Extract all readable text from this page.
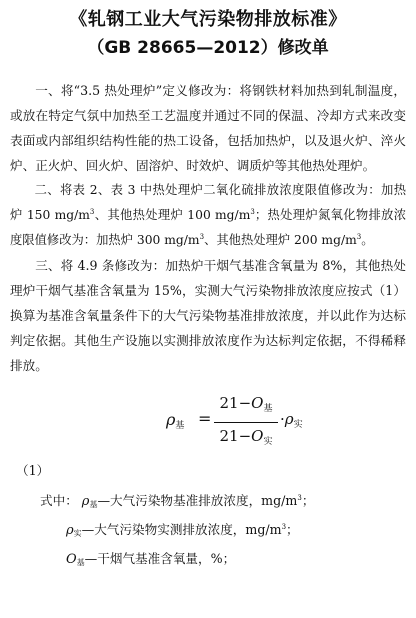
《轧钢工业大气污染物排放标准》
（GB 28665—2012）修改单

一、将“3.5 热处理炉”定义修改为：将钢铁材料加热到轧制温度，或放在特定气氛中加热至工艺温度并通过不同的保温、冷却方式来改变表面或内部组织结构性能的热工设备，包括加热炉，以及退火炉、淬火炉、正火炉、回火炉、固溶炉、时效炉、调质炉等其他热处理炉。

二、将表 2、表 3 中热处理炉二氧化硫排放浓度限值修改为：加热炉 150 $mg/m^3$、其他热处理炉 100 $mg/m^3$；热处理炉氮氧化物排放浓度限值修改为：加热炉 300 $mg/m^3$、其他热处理炉 200 $mg/m^3$。

三、将 4.9 条修改为：加热炉干烟气基准含氧量为 8%，其他热处理炉干烟气基准含氧量为 15%，实测大气污染物排放浓度应按式（1）换算为基准含氧量条件下的大气污染物基准排放浓度，并以此作为达标判定依据。其他生产设施以实测排放浓度作为达标判定依据，不得稀释排放。

ρ基 =
$21-O_基$
$21-O_实$
$\cdot\rho_实$
（1）

式中： ρ基—大气污染物基准排放浓度，$mg/m^3$；

ρ实—大气污染物实测排放浓度，$mg/m^3$；

O基—干烟气基准含氧量，%；
